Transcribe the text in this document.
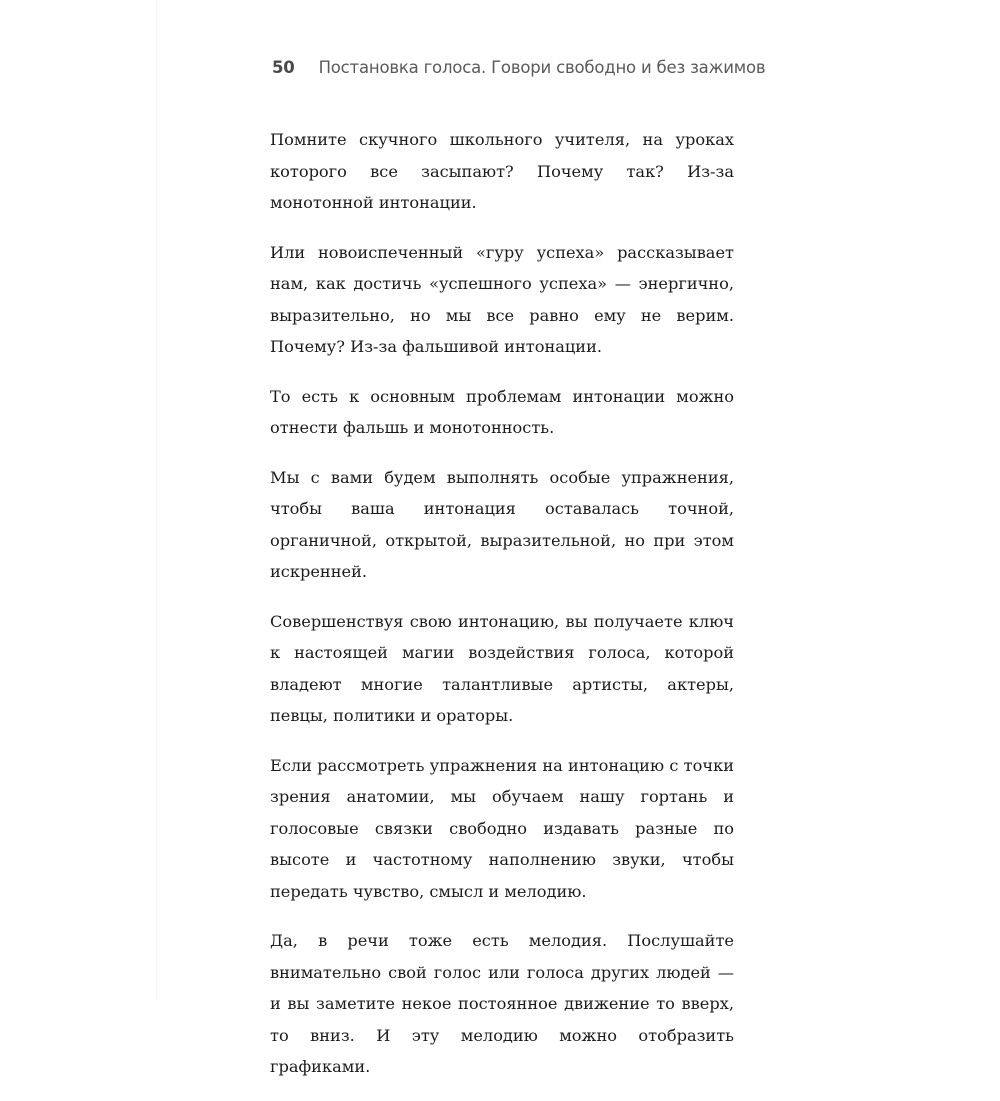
50 Постановка голоса. Говори свободно и без зажимов

Помните скучного школьного учителя, на уроках которого все засыпают? Почему так? Из-за монотонной интонации.

Или новоиспеченный «гуру успеха» рассказывает нам, как достичь «успешного успеха» — энергично, выразительно, но мы все равно ему не верим. Почему? Из-за фальшивой интонации.

То есть к основным проблемам интонации можно отнести фальшь и монотонность.

Мы с вами будем выполнять особые упражнения, чтобы ваша интонация оставалась точной, органичной, открытой, выразительной, но при этом искренней.

Совершенствуя свою интонацию, вы получаете ключ к настоящей магии воздействия голоса, которой владеют многие талантливые артисты, актеры, певцы, политики и ораторы.

Если рассмотреть упражнения на интонацию с точки зрения анатомии, мы обучаем нашу гортань и голосовые связки свободно издавать разные по высоте и частотному наполнению звуки, чтобы передать чувство, смысл и мелодию.

Да, в речи тоже есть мелодия. Послушайте внимательно свой голос или голоса других людей — и вы заметите некое постоянное движение то вверх, то вниз. И эту мелодию можно отобразить графиками.
